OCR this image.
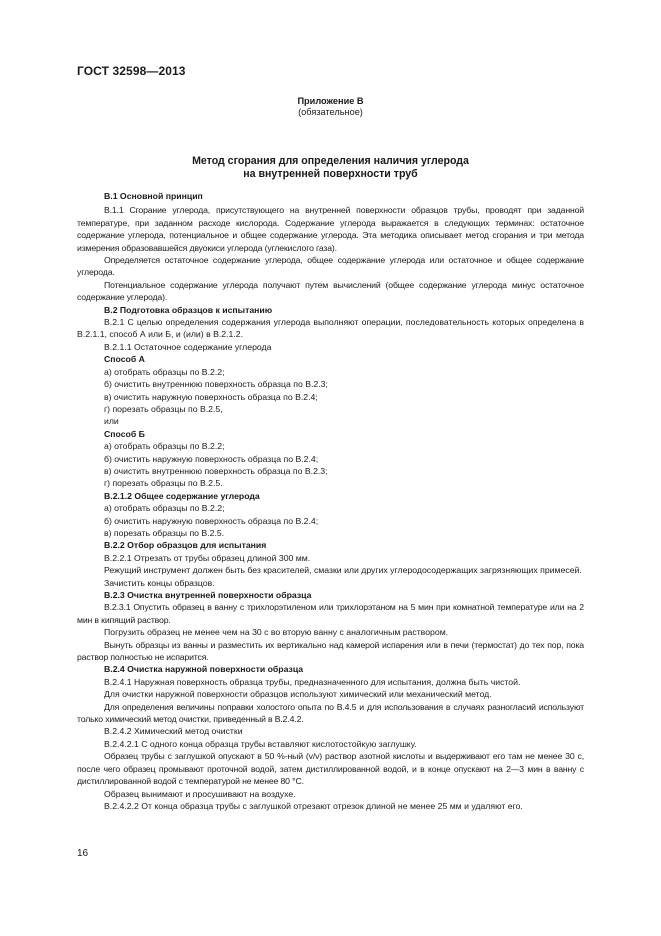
ГОСТ 32598—2013
Приложение В
(обязательное)
Метод сгорания для определения наличия углерода
на внутренней поверхности труб

В.1 Основной принцип

В.1.1 Сгорание углерода, присутствующего на внутренней поверхности образцов трубы, проводят при заданной температуре, при заданном расходе кислорода. Содержание углерода выражается в следующих терминах: остаточное содержание углерода, потенциальное и общее содержание углерода. Эта методика описывает метод сгорания и три метода измерения образовавшейся двуокиси углерода (углекислого газа).

Определяется остаточное содержание углерода, общее содержание углерода или остаточное и общее содержание углерода.

Потенциальное содержание углерода получают путем вычислений (общее содержание углерода минус остаточное содержание углерода).

В.2 Подготовка образцов к испытанию

В.2.1 С целью определения содержания углерода выполняют операции, последовательность которых определена в В.2.1.1, способ А или Б, и (или) в В.2.1.2.

В.2.1.1 Остаточное содержание углерода

Способ А

а) отобрать образцы по В.2.2;

б) очистить внутреннюю поверхность образца по В.2.3;

в) очистить наружную поверхность образца по В.2.4;

г) порезать образцы по В.2.5,

или

Способ Б

а) отобрать образцы по В.2.2;

б) очистить наружную поверхность образца по В.2.4;

в) очистить внутреннюю поверхность образца по В.2.3;

г) порезать образцы по В.2.5.

В.2.1.2 Общее содержание углерода

а) отобрать образцы по В.2.2;

б) очистить наружную поверхность образца по В.2.4;

в) порезать образцы по В.2.5.

В.2.2 Отбор образцов для испытания

В.2.2.1 Отрезать от трубы образец длиной 300 мм.

Режущий инструмент должен быть без красителей, смазки или других углеродосодержащих загрязняющих примесей.

Зачистить концы образцов.

В.2.3 Очистка внутренней поверхности образца

В.2.3.1 Опустить образец в ванну с трихлорэтиленом или трихлорэтаном на 5 мин при комнатной температуре или на 2 мин в кипящий раствор.

Погрузить образец не менее чем на 30 с во вторую ванну с аналогичным раствором.

Вынуть образцы из ванны и разместить их вертикально над камерой испарения или в печи (термостат) до тех пор, пока раствор полностью не испарится.

В.2.4 Очистка наружной поверхности образца

В.2.4.1 Наружная поверхность образца трубы, предназначенного для испытания, должна быть чистой.

Для очистки наружной поверхности образцов используют химический или механический метод.

Для определения величины поправки холостого опыта по В.4.5 и для использования в случаях разногласий используют только химический метод очистки, приведенный в В.2.4.2.

В.2.4.2 Химический метод очистки

В.2.4.2.1 С одного конца образца трубы вставляют кислотостойкую заглушку.

Образец трубы с заглушкой опускают в 50 %-ный (v/v) раствор азотной кислоты и выдерживают его там не менее 30 с, после чего образец промывают проточной водой, затем дистиллированной водой, и в конце опускают на 2—3 мин в ванну с дистиллированной водой с температурой не менее 80 °С.

Образец вынимают и просушивают на воздухе.

В.2.4.2.2 От конца образца трубы с заглушкой отрезают отрезок длиной не менее 25 мм и удаляют его.

16
